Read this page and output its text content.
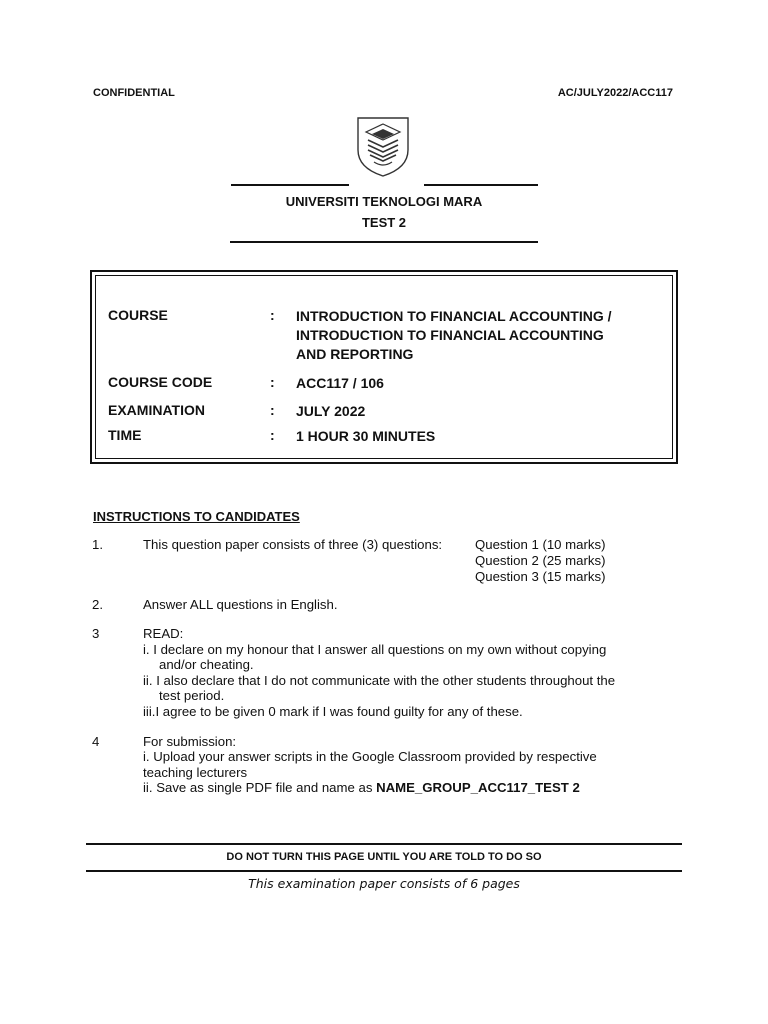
CONFIDENTIAL	AC/JULY2022/ACC117
UNIVERSITI TEKNOLOGI MARA
TEST 2
COURSE	: INTRODUCTION TO FINANCIAL ACCOUNTING /
INTRODUCTION TO FINANCIAL ACCOUNTING
AND REPORTING
COURSE CODE	: ACC117 / 106
EXAMINATION	: JULY 2022
TIME	: 1 HOUR 30 MINUTES
INSTRUCTIONS TO CANDIDATES
1.	This question paper consists of three (3) questions: Question 1 (10 marks)
Question 2 (25 marks)
Question 3 (15 marks)
2.	Answer ALL questions in English.
3	READ:
i. I declare on my honour that I answer all questions on my own without copying
and/or cheating.
ii. I also declare that I do not communicate with the other students throughout the
test period.
iii.I agree to be given 0 mark if I was found guilty for any of these.
4	For submission:
i. Upload your answer scripts in the Google Classroom provided by respective
teaching lecturers
ii. Save as single PDF file and name as NAME_GROUP_ACC117_TEST 2
DO NOT TURN THIS PAGE UNTIL YOU ARE TOLD TO DO SO
This examination paper consists of 6 pages
